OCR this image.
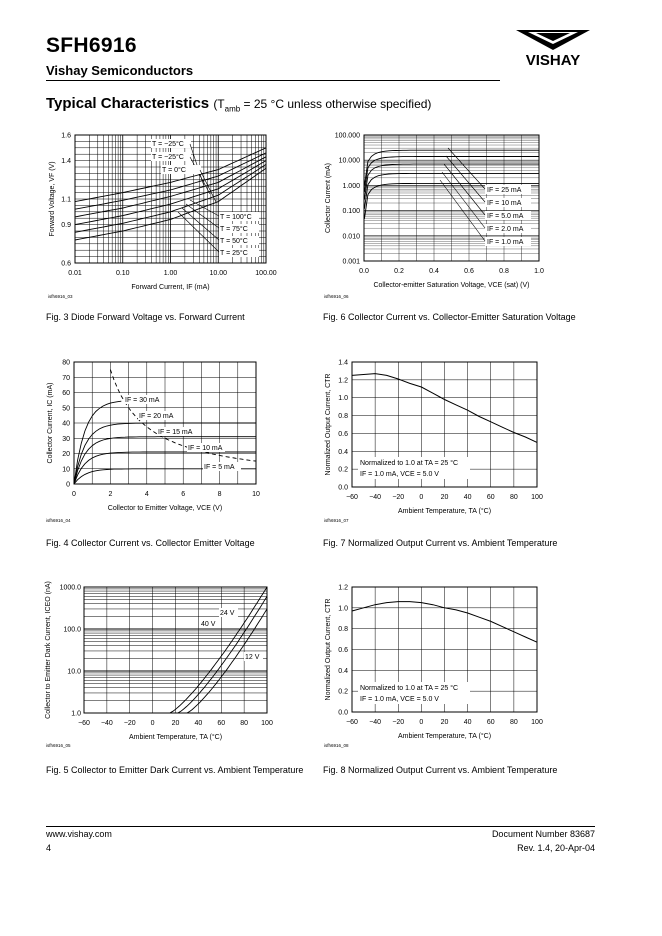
SFH6916
Vishay Semiconductors
VISHAY
Typical Characteristics ($T_{amb} = 25$ °C unless otherwise specified)
0.01	0.10	1.00	10.00	100.00
0.6
0.9
1.1
1.4
1.6
T = −25°C
T = −25°C
T = 0°C
T = 100°C
T = 75°C
T = 50°C
T = 25°C
Forward Current, IF (mA)
Forward Voltage, VF (V)
isfh6916_03
Fig. 3 Diode Forward Voltage vs. Forward Current
0.0	0.2	0.4	0.6	0.8	1.0
0.001
0.010
0.100
1.000
10.000
100.000
IF = 25 mA
IF = 10 mA
IF = 5.0 mA
IF = 2.0 mA
IF = 1.0 mA
Collector-emitter Saturation Voltage, VCE (sat) (V)
Collector Current (mA)
isfh6916_06
Fig. 6 Collector Current vs. Collector-Emitter Saturation Voltage
0	2	4	6	8	10
0
10
20
30
40
50
60
70
80
IF = 30 mA
IF = 20 mA
IF = 15 mA
IF = 10 mA
IF = 5 mA
Collector to Emitter Voltage, VCE (V)
Collector Current, IC (mA)
isfh6916_04
Fig. 4 Collector Current vs. Collector Emitter Voltage
−60 −40 −20 0 20 40 60 80 100
0.0
0.2
0.4
0.6
0.8
1.0
1.2
1.4
Normalized to 1.0 at TA = 25 °C
IF = 1.0 mA, VCE = 5.0 V
Ambient Temperature, TA (°C)
Normalized Output Current, CTR
isfh6916_07
Fig. 7 Normalized Output Current vs. Ambient Temperature
−60 −40 −20 0 20 40 60 80 100
1.0
10.0
100.0
1000.0
24 V
40 V
12 V
Ambient Temperature, TA (°C)
Collector to Emitter Dark Current, ICEO (nA)
isfh6916_05
Fig. 5 Collector to Emitter Dark Current vs. Ambient Temperature
−60 −40 −20 0 20 40 60 80 100
0.0
0.2
0.4
0.6
0.8
1.0
1.2
Normalized to 1.0 at TA = 25 °C
IF = 1.0 mA, VCE = 5.0 V
Ambient Temperature, TA (°C)
Normalized Output Current, CTR
isfh6916_08
Fig. 8 Normalized Output Current vs. Ambient Temperature
www.vishay.com
4
Document Number 83687
Rev. 1.4, 20-Apr-04
